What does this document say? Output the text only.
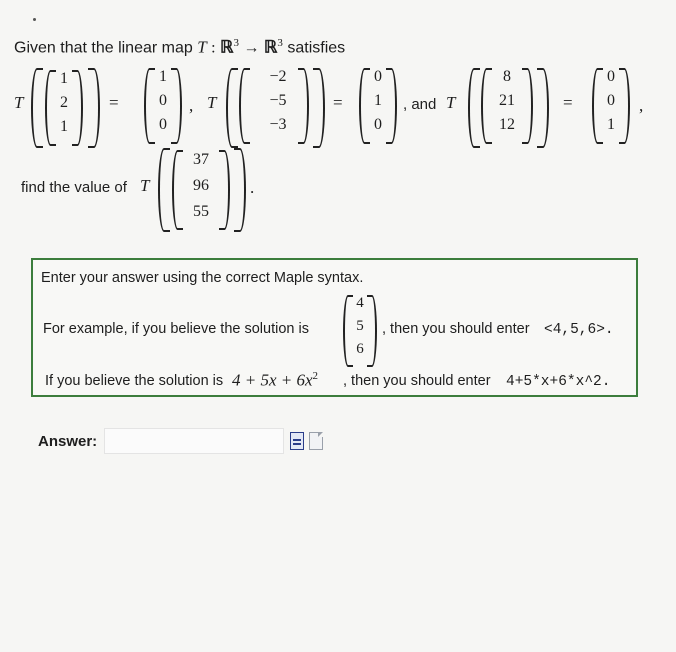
Given that the linear map T : ℝ$^3$ → ℝ$^3$ satisfies
T
1
2
1
=
1
0
0
, T
−2
−5
−3
=
0
1
0
, and T
8
21
12
=
0
0
1
,
find the value of T
37
96
55
.
Enter your answer using the correct Maple syntax.
For example, if you believe the solution is
4
5
6
, then you should enter <4,5,6>.
If you believe the solution is $4 + 5x + 6x^2$ , then you should enter 4+5*x+6*x^2.
Answer:
